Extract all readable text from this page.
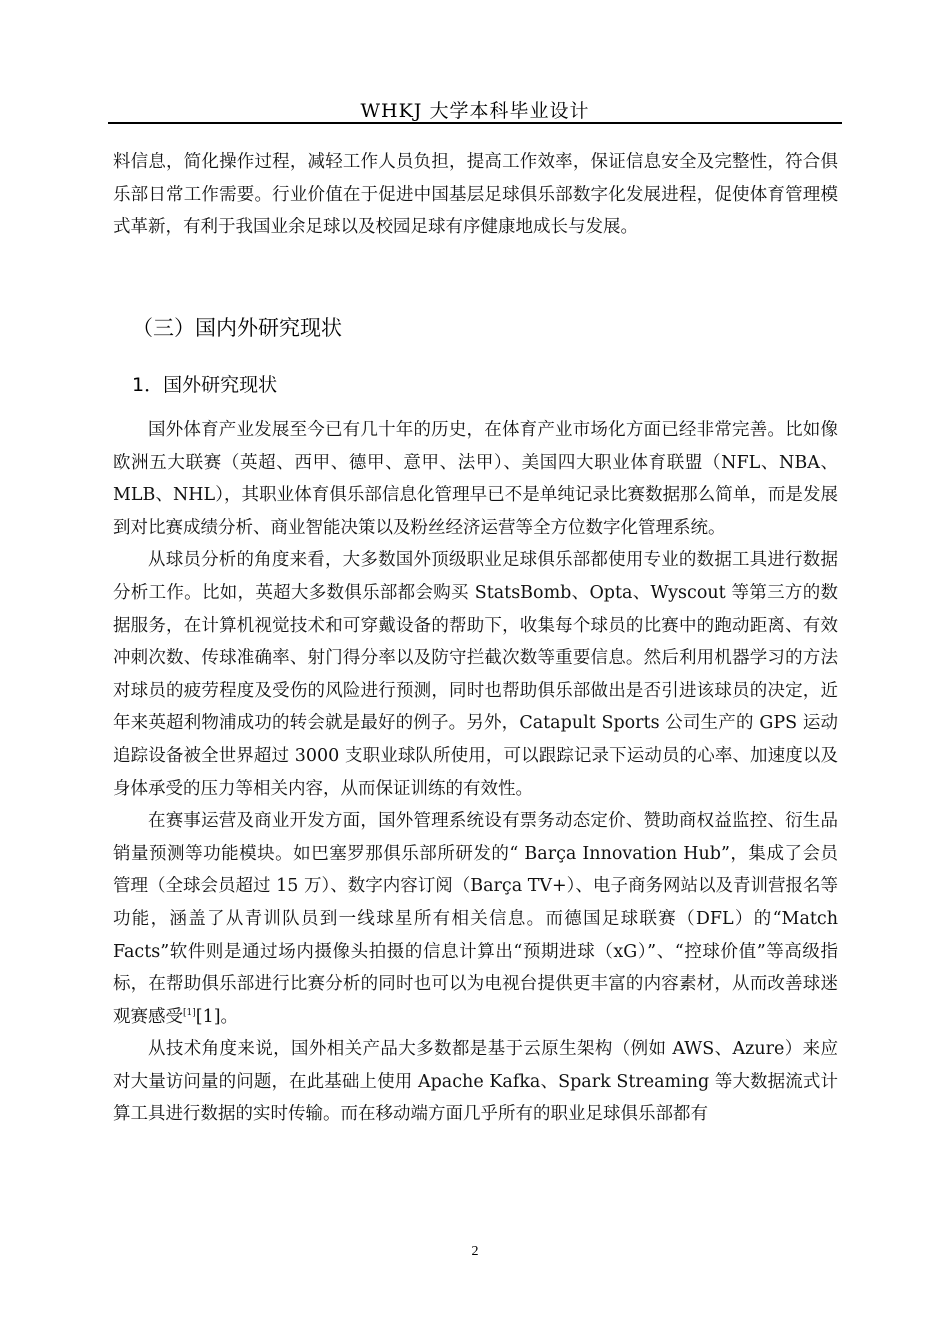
WHKJ 大学本科毕业设计

料信息，简化操作过程，减轻工作人员负担，提高工作效率，保证信息安全及完整性，符合俱乐部日常工作需要。行业价值在于促进中国基层足球俱乐部数字化发展进程，促使体育管理模式革新，有利于我国业余足球以及校园足球有序健康地成长与发展。

（三）国内外研究现状
1．国外研究现状

国外体育产业发展至今已有几十年的历史，在体育产业市场化方面已经非常完善。比如像欧洲五大联赛（英超、西甲、德甲、意甲、法甲）、美国四大职业体育联盟（NFL、NBA、MLB、NHL），其职业体育俱乐部信息化管理早已不是单纯记录比赛数据那么简单，而是发展到对比赛成绩分析、商业智能决策以及粉丝经济运营等全方位数字化管理系统。

从球员分析的角度来看，大多数国外顶级职业足球俱乐部都使用专业的数据工具进行数据分析工作。比如，英超大多数俱乐部都会购买 StatsBomb、Opta、Wyscout 等第三方的数据服务，在计算机视觉技术和可穿戴设备的帮助下，收集每个球员的比赛中的跑动距离、有效冲刺次数、传球准确率、射门得分率以及防守拦截次数等重要信息。然后利用机器学习的方法对球员的疲劳程度及受伤的风险进行预测，同时也帮助俱乐部做出是否引进该球员的决定，近年来英超利物浦成功的转会就是最好的例子。另外，Catapult Sports 公司生产的 GPS 运动追踪设备被全世界超过 3000 支职业球队所使用，可以跟踪记录下运动员的心率、加速度以及身体承受的压力等相关内容，从而保证训练的有效性。

在赛事运营及商业开发方面，国外管理系统设有票务动态定价、赞助商权益监控、衍生品销量预测等功能模块。如巴塞罗那俱乐部所研发的“ Barça Innovation Hub”，集成了会员管理（全球会员超过 15 万）、数字内容订阅（Barça TV+）、电子商务网站以及青训营报名等功能，涵盖了从青训队员到一线球星所有相关信息。而德国足球联赛（DFL）的“Match Facts”软件则是通过场内摄像头拍摄的信息计算出“预期进球（xG）”、“控球价值”等高级指标，在帮助俱乐部进行比赛分析的同时也可以为电视台提供更丰富的内容素材，从而改善球迷观赛感受[1][1]。

从技术角度来说，国外相关产品大多数都是基于云原生架构（例如 AWS、Azure）来应对大量访问量的问题，在此基础上使用 Apache Kafka、Spark Streaming 等大数据流式计算工具进行数据的实时传输。而在移动端方面几乎所有的职业足球俱乐部都有

2
